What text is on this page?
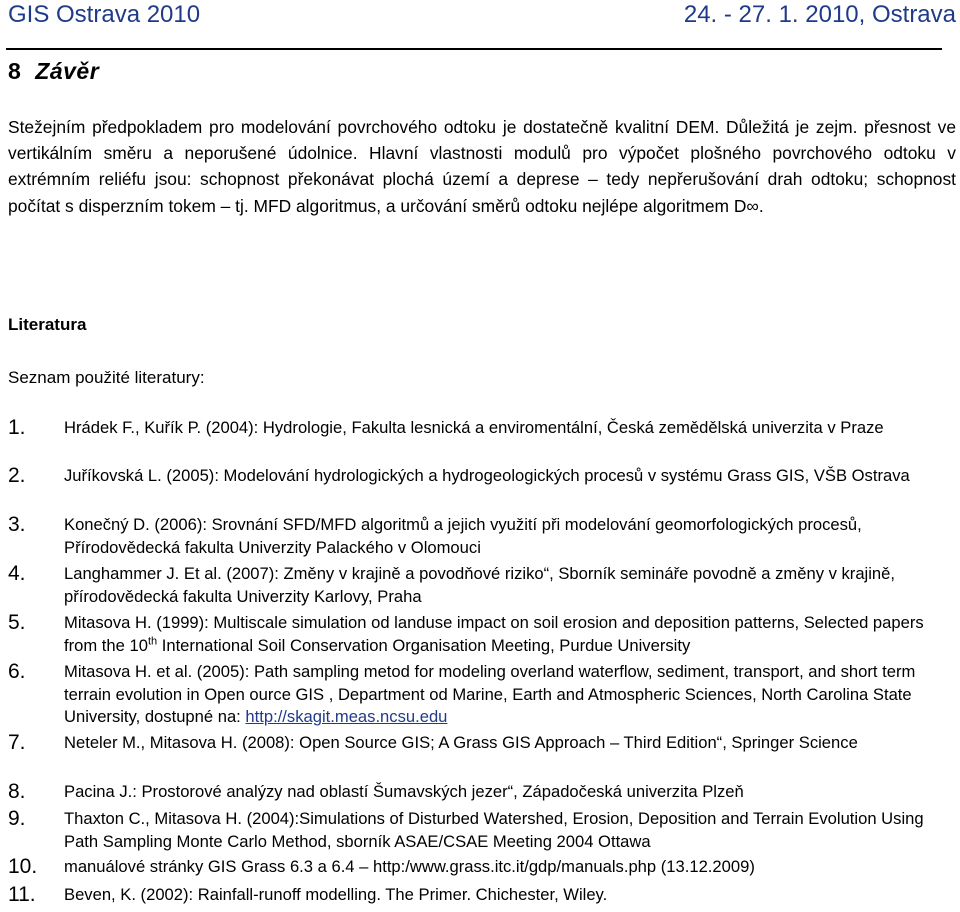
GIS Ostrava 2010	24. - 27. 1. 2010, Ostrava
8 Závěr

Stežejním předpokladem pro modelování povrchového odtoku je dostatečně kvalitní DEM. Důležitá je zejm. přesnost ve vertikálním směru a neporušené údolnice. Hlavní vlastnosti modulů pro výpočet plošného povrchového odtoku v extrémním reliéfu jsou: schopnost překonávat plochá území a deprese – tedy nepřerušování drah odtoku; schopnost počítat s disperzním tokem – tj. MFD algoritmus, a určování směrů odtoku nejlépe algoritmem D∞.

Literatura
Seznam použité literatury:
1. Hrádek F., Kuřík P. (2004): Hydrologie, Fakulta lesnická a enviromentální, Česká zemědělská univerzita v Praze
2. Juříkovská L. (2005): Modelování hydrologických a hydrogeologických procesů v systému Grass GIS, VŠB Ostrava
3. Konečný D. (2006): Srovnání SFD/MFD algoritmů a jejich využití při modelování geomorfologických procesů, Přírodovědecká fakulta Univerzity Palackého v Olomouci
4. Langhammer J. Et al. (2007): Změny v krajině a povodňové riziko“, Sborník semináře povodně a změny v krajině, přírodovědecká fakulta Univerzity Karlovy, Praha
5. Mitasova H. (1999): Multiscale simulation od landuse impact on soil erosion and deposition patterns, Selected papers from the 10th International Soil Conservation Organisation Meeting, Purdue University
6. Mitasova H. et al. (2005): Path sampling metod for modeling overland waterflow, sediment, transport, and short term terrain evolution in Open ource GIS , Department od Marine, Earth and Atmospheric Sciences, North Carolina State University, dostupné na: http://skagit.meas.ncsu.edu
7. Neteler M., Mitasova H. (2008): Open Source GIS; A Grass GIS Approach – Third Edition“, Springer Science
8. Pacina J.: Prostorové analýzy nad oblastí Šumavských jezer“, Západočeská univerzita Plzeň
9. Thaxton C., Mitasova H. (2004):Simulations of Disturbed Watershed, Erosion, Deposition and Terrain Evolution Using Path Sampling Monte Carlo Method, sborník ASAE/CSAE Meeting 2004 Ottawa
10. manuálové stránky GIS Grass 6.3 a 6.4 – http:/www.grass.itc.it/gdp/manuals.php (13.12.2009)
11. Beven, K. (2002): Rainfall-runoff modelling. The Primer. Chichester, Wiley.
